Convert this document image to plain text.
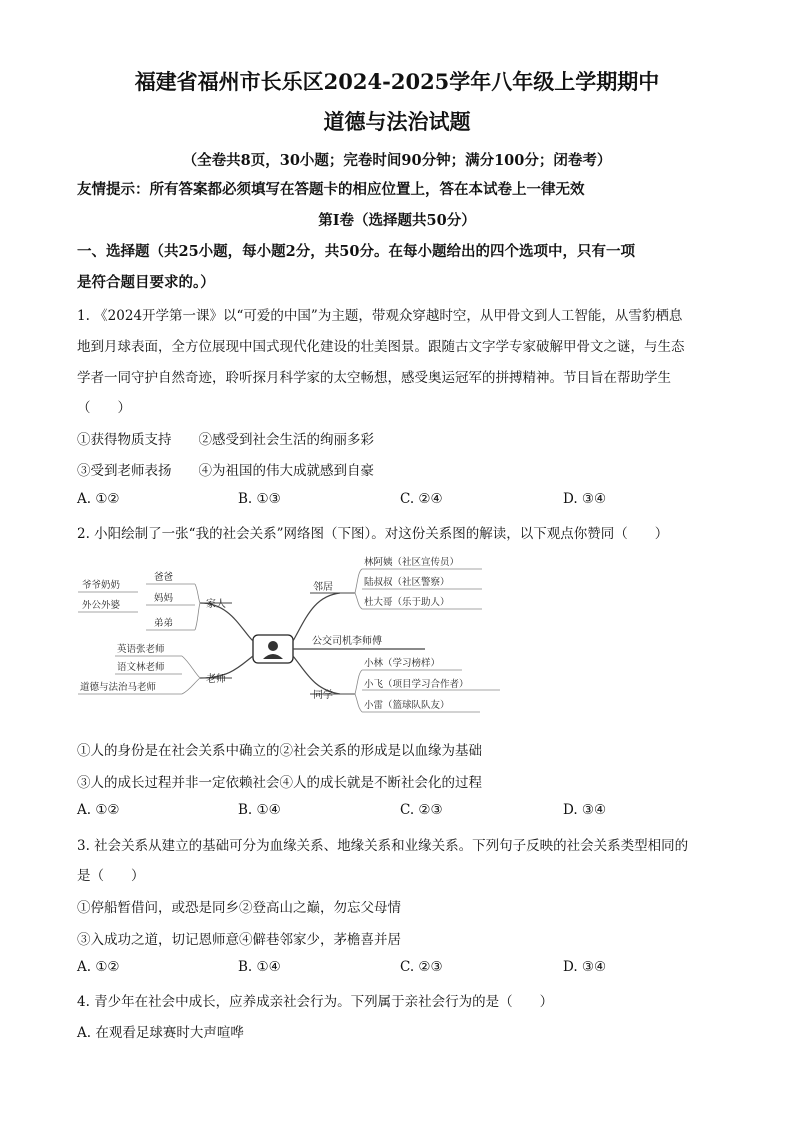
福建省福州市长乐区2024-2025学年八年级上学期期中
道德与法治试题
（全卷共8页，30小题；完卷时间90分钟；满分100分；闭卷考）
友情提示：所有答案都必须填写在答题卡的相应位置上，答在本试卷上一律无效
第Ⅰ卷（选择题共50分）
一、选择题（共25小题，每小题2分，共50分。在每小题给出的四个选项中，只有一项
是符合题目要求的。）
1. 《2024开学第一课》以“可爱的中国”为主题，带观众穿越时空，从甲骨文到人工智能，从雪豹栖息
地到月球表面，全方位展现中国式现代化建设的壮美图景。跟随古文字学专家破解甲骨文之谜，与生态
学者一同守护自然奇迹，聆听探月科学家的太空畅想，感受奥运冠军的拼搏精神。节目旨在帮助学生
（　　）
①获得物质支持　　②感受到社会生活的绚丽多彩
③受到老师表扬　　④为祖国的伟大成就感到自豪
A. ①②	B. ①③	C. ②④	D. ③④
2. 小阳绘制了一张“我的社会关系”网络图（下图）。对这份关系图的解读，以下观点你赞同（　　）
家人
爷爷奶奶
外公外婆
爸爸
妈妈
弟弟
老师
英语张老师
语文林老师
道德与法治马老师
邻居
林阿姨（社区宣传员）
陆叔叔（社区警察）
杜大哥（乐于助人）
公交司机李师傅
同学
小林（学习榜样）
小飞（项目学习合作者）
小雷（篮球队队友）
①人的身份是在社会关系中确立的②社会关系的形成是以血缘为基础
③人的成长过程并非一定依赖社会④人的成长就是不断社会化的过程
A. ①②	B. ①④	C. ②③	D. ③④
3. 社会关系从建立的基础可分为血缘关系、地缘关系和业缘关系。下列句子反映的社会关系类型相同的
是（　　）
①停船暂借问，或恐是同乡②登高山之巅，勿忘父母情
③入成功之道，切记恩师意④僻巷邻家少，茅檐喜并居
A. ①②	B. ①④	C. ②③	D. ③④
4. 青少年在社会中成长，应养成亲社会行为。下列属于亲社会行为的是（　　）
A. 在观看足球赛时大声喧哗
